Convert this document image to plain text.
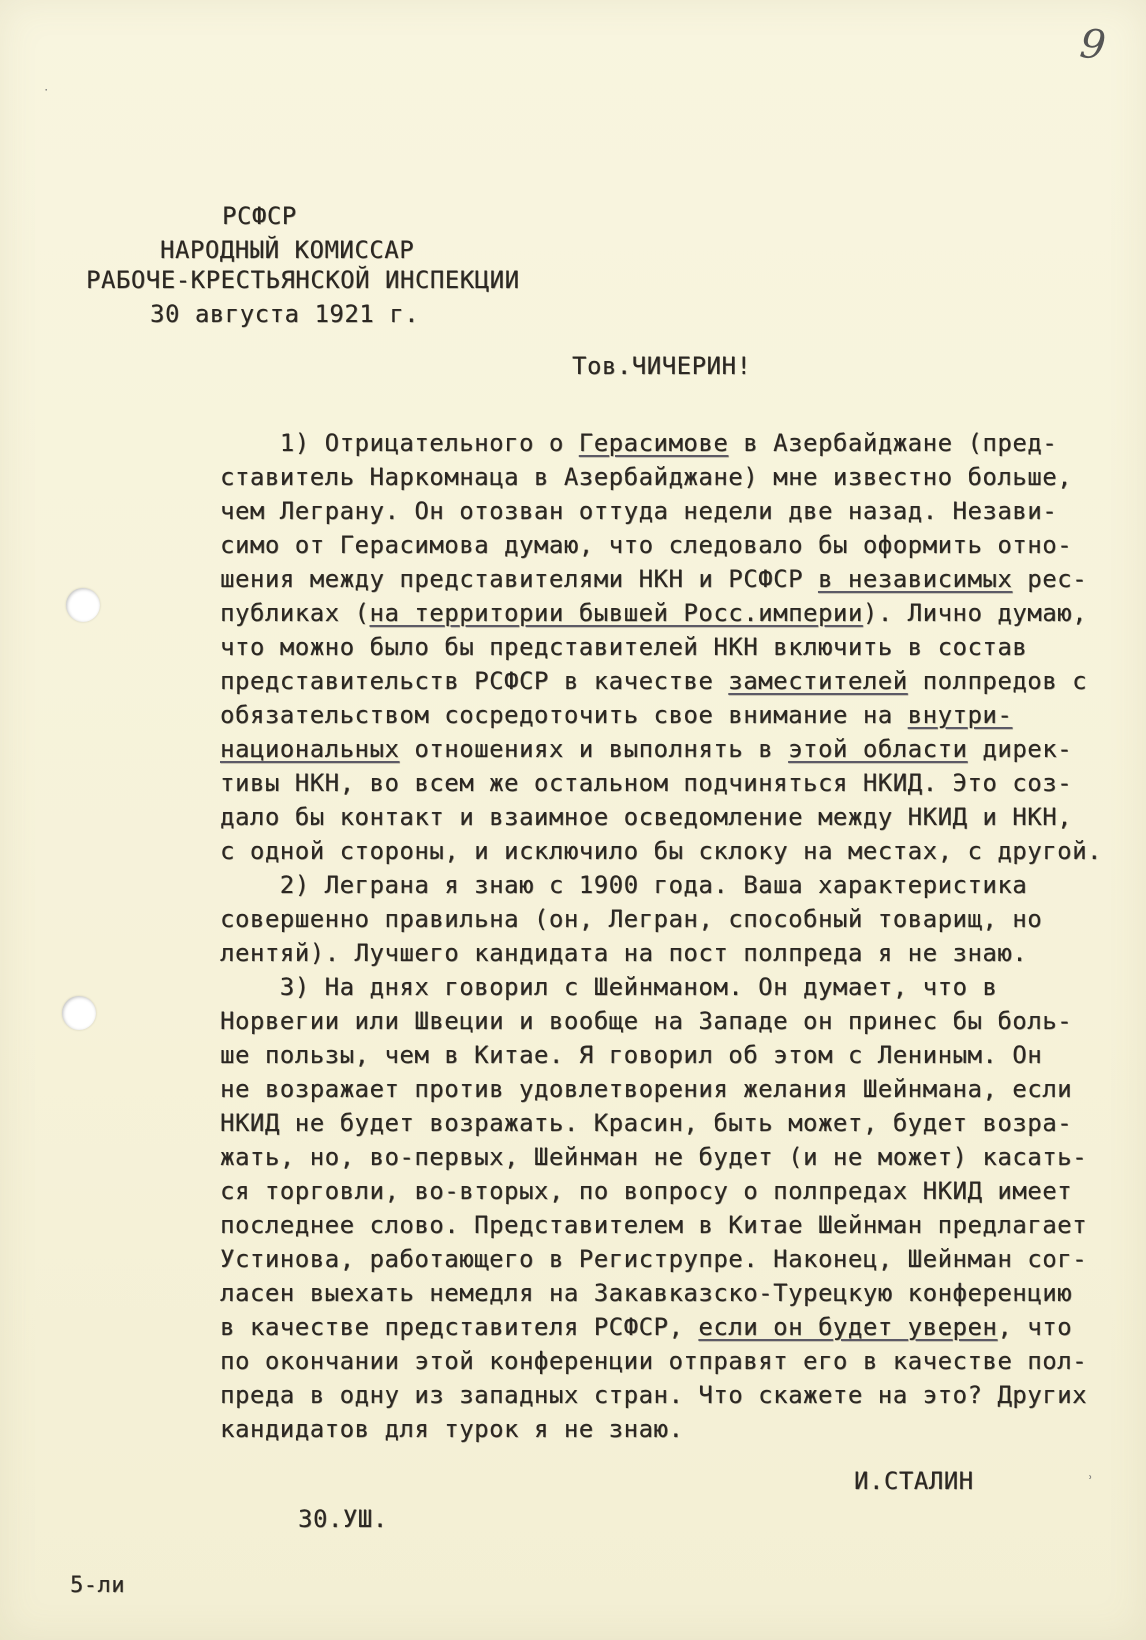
9
РСФСР
НАРОДНЫЙ КОМИССАР
РАБОЧЕ-КРЕСТЬЯНСКОЙ ИНСПЕКЦИИ
30 августа 1921 г.
Тов.ЧИЧЕРИН!
1) Отрицательного о Герасимове в Азербайджане (пред-
ставитель Наркомнаца в Азербайджане) мне известно больше,
чем Леграну. Он отозван оттуда недели две назад. Незави-
симо от Герасимова думаю, что следовало бы оформить отно-
шения между представителями НКН и РСФСР в независимых рес-
публиках (на территории бывшей Росс.империи). Лично думаю,
что можно было бы представителей НКН включить в состав
представительств РСФСР в качестве заместителей полпредов с
обязательством сосредоточить свое внимание на внутри-
национальных отношениях и выполнять в этой области дирек-
тивы НКН, во всем же остальном подчиняться НКИД. Это соз-
дало бы контакт и взаимное осведомление между НКИД и НКН,
с одной стороны, и исключило бы склоку на местах, с другой.
2) Леграна я знаю с 1900 года. Ваша характеристика
совершенно правильна (он, Легран, способный товарищ, но
лентяй). Лучшего кандидата на пост полпреда я не знаю.
3) На днях говорил с Шейнманом. Он думает, что в
Норвегии или Швеции и вообще на Западе он принес бы боль-
ше пользы, чем в Китае. Я говорил об этом с Лениным. Он
не возражает против удовлетворения желания Шейнмана, если
НКИД не будет возражать. Красин, быть может, будет возра-
жать, но, во-первых, Шейнман не будет (и не может) касать-
ся торговли, во-вторых, по вопросу о полпредах НКИД имеет
последнее слово. Представителем в Китае Шейнман предлагает
Устинова, работающего в Региструпре. Наконец, Шейнман сог-
ласен выехать немедля на Закавказско-Турецкую конференцию
в качестве представителя РСФСР, если он будет уверен, что
по окончании этой конференции отправят его в качестве пол-
преда в одну из западных стран. Что скажете на это? Других
кандидатов для турок я не знаю.
И.СТАЛИН
30.УШ.
5-ли
˙
ʾ
